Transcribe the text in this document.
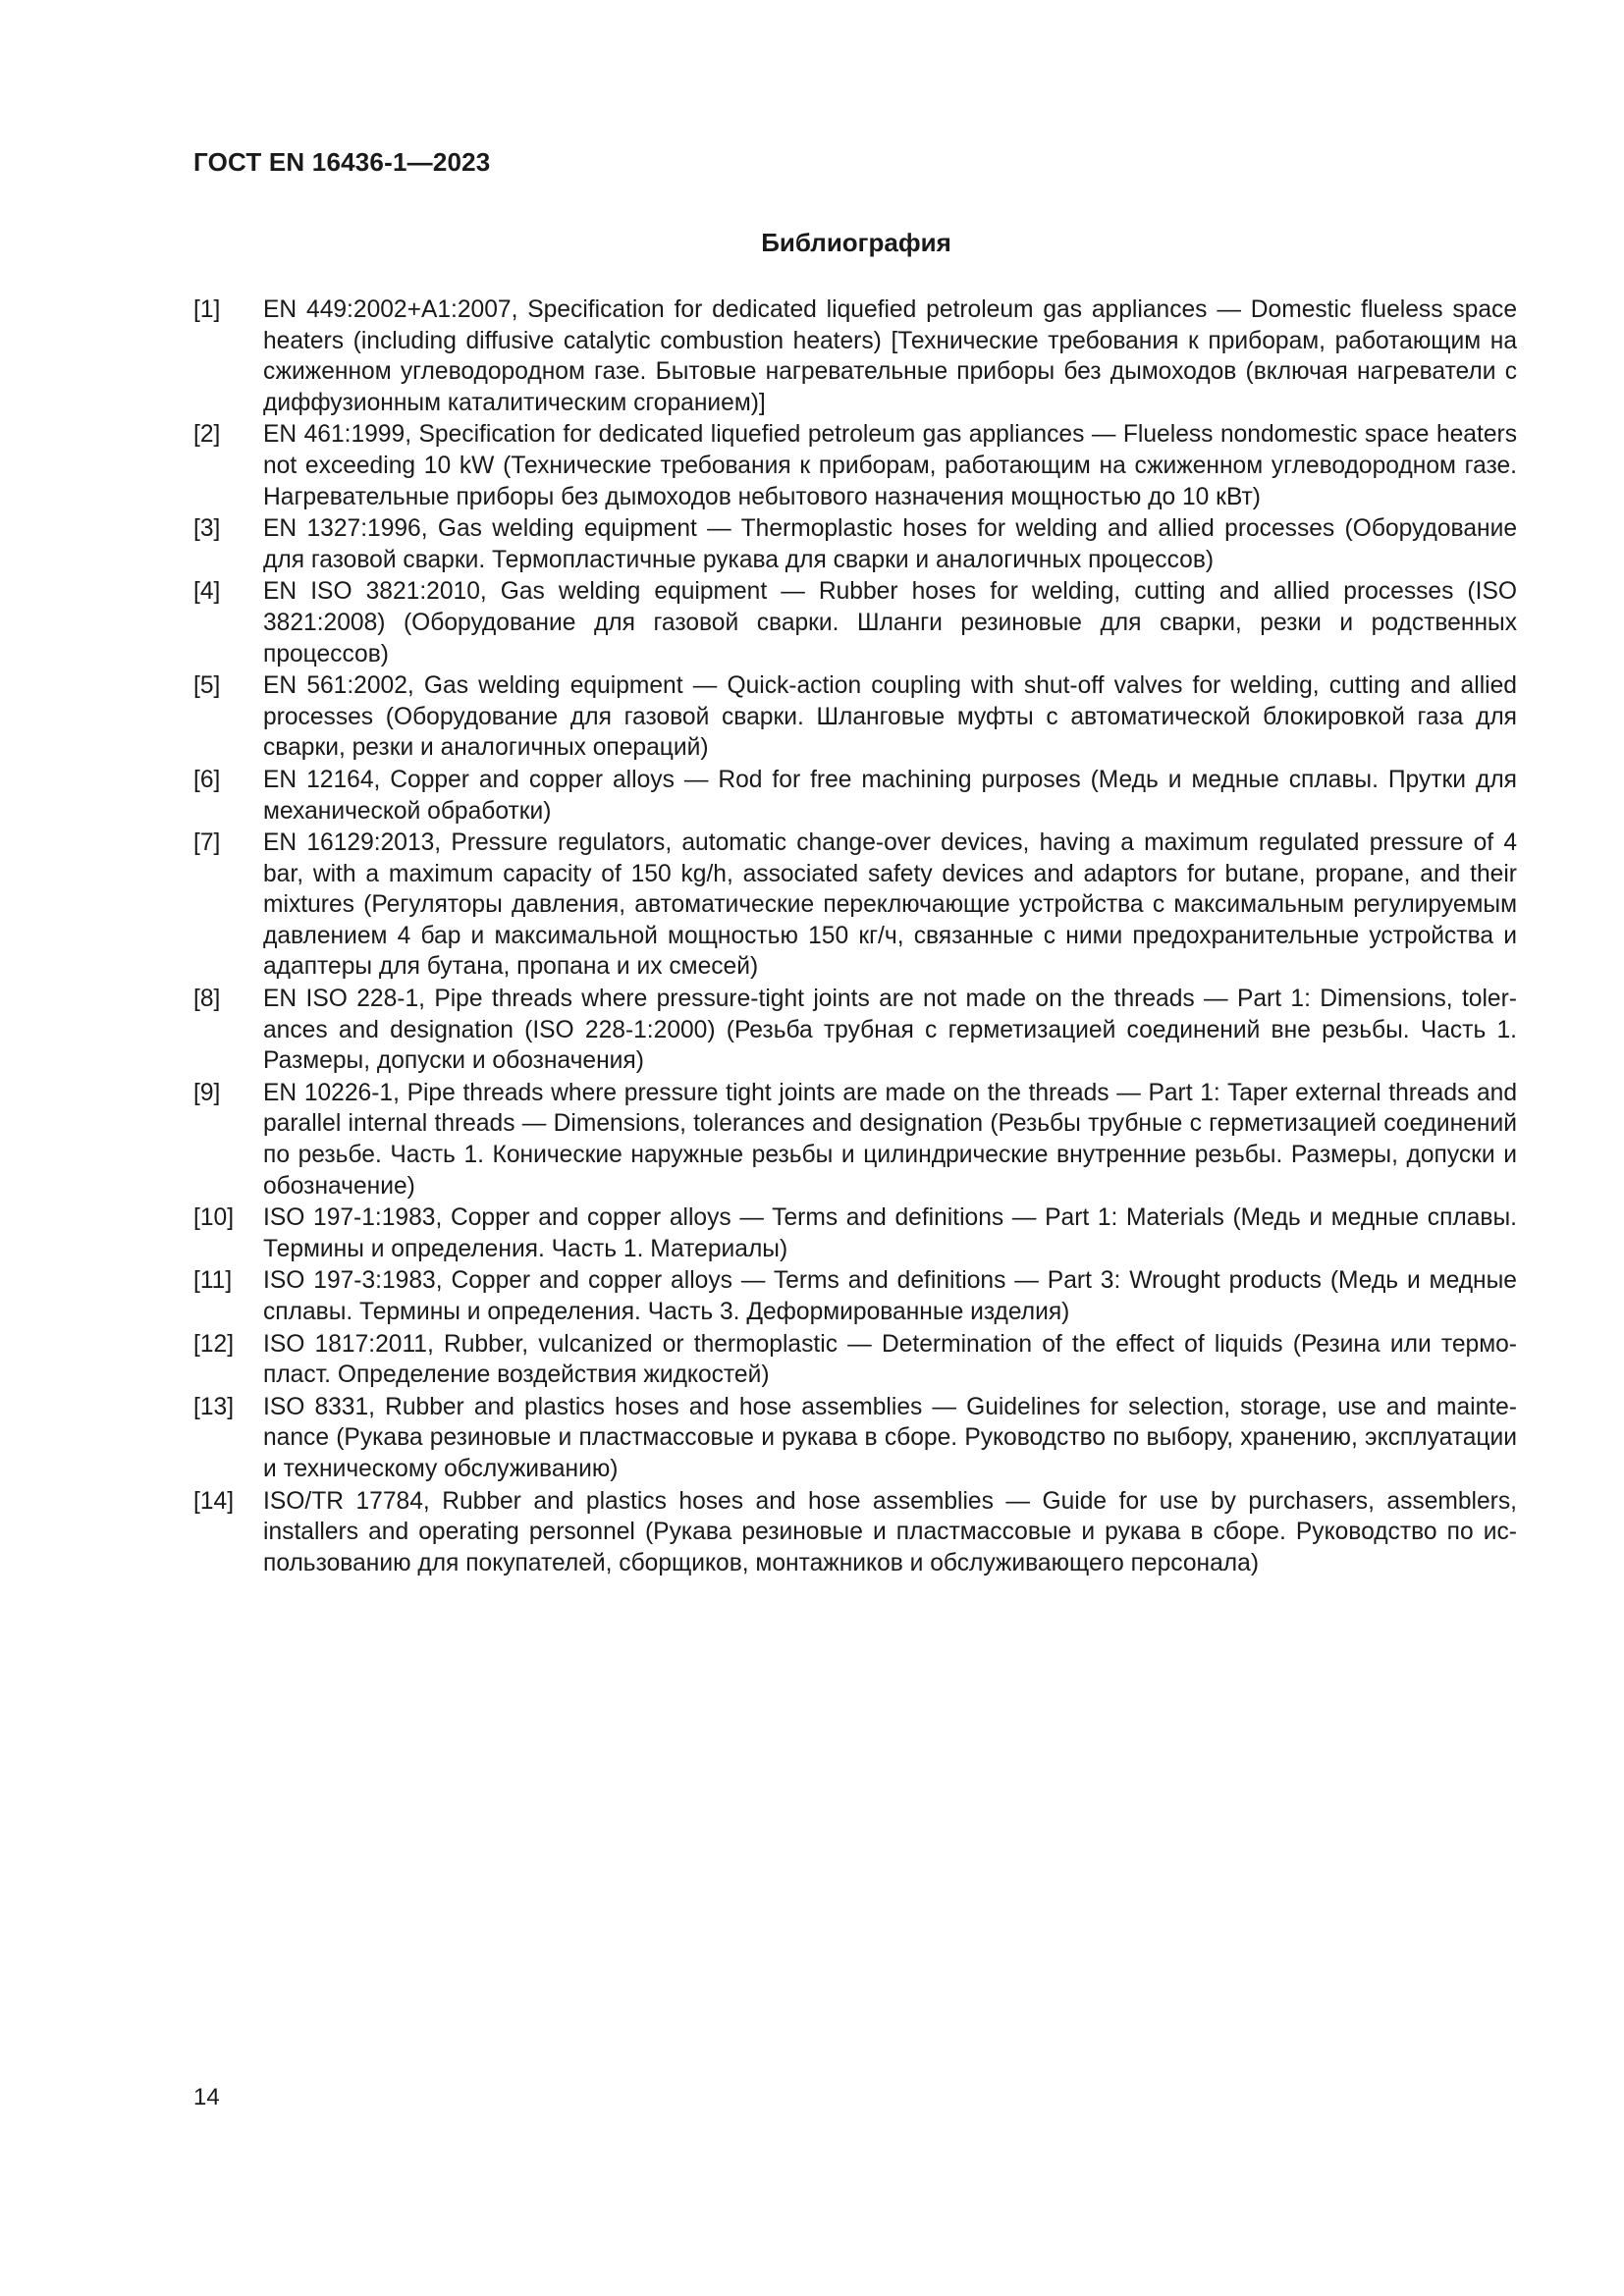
ГОСТ EN 16436-1—2023
Библиография
[1]	EN 449:2002+A1:2007, Specification for dedicated liquefied petroleum gas appliances — Domestic flueless space heaters (including diffusive catalytic combustion heaters) [Технические требования к приборам, работающим на сжиженном углеводородном газе. Бытовые нагревательные приборы без дымоходов (включая нагреватели с диффузионным каталитическим сгоранием)]
[2]	EN 461:1999, Specification for dedicated liquefied petroleum gas appliances — Flueless nondomestic space heaters not exceeding 10 kW (Технические требования к приборам, работающим на сжиженном углеводородном газе. Нагревательные приборы без дымоходов небытового назначения мощностью до 10 кВт)
[3]	EN 1327:1996, Gas welding equipment — Thermoplastic hoses for welding and allied processes (Оборудование для газовой сварки. Термопластичные рукава для сварки и аналогичных процессов)
[4]	EN ISO 3821:2010, Gas welding equipment — Rubber hoses for welding, cutting and allied processes (ISO 3821:2008) (Оборудование для газовой сварки. Шланги резиновые для сварки, резки и родственных процессов)
[5]	EN 561:2002, Gas welding equipment — Quick-action coupling with shut-off valves for welding, cutting and allied processes (Оборудование для газовой сварки. Шланговые муфты с автоматической блокировкой газа для сварки, резки и аналогичных операций)
[6]	EN 12164, Copper and copper alloys — Rod for free machining purposes (Медь и медные сплавы. Прутки для механической обработки)
[7]	EN 16129:2013, Pressure regulators, automatic change-over devices, having a maximum regulated pressure of 4 bar, with a maximum capacity of 150 kg/h, associated safety devices and adaptors for butane, propane, and their mixtures (Регуляторы давления, автоматические переключающие устройства с максимальным регулируемым давлением 4 бар и максимальной мощностью 150 кг/ч, связанные с ними предохранительные устройства и адаптеры для бутана, пропана и их смесей)
[8]	EN ISO 228-1, Pipe threads where pressure-tight joints are not made on the threads — Part 1: Dimensions, tolerances and designation (ISO 228-1:2000) (Резьба трубная с герметизацией соединений вне резьбы. Часть 1. Размеры, допуски и обозначения)
[9]	EN 10226-1, Pipe threads where pressure tight joints are made on the threads — Part 1: Taper external threads and parallel internal threads — Dimensions, tolerances and designation (Резьбы трубные с герметизацией соединений по резьбе. Часть 1. Конические наружные резьбы и цилиндрические внутренние резьбы. Размеры, допуски и обозначение)
[10]	ISO 197-1:1983, Copper and copper alloys — Terms and definitions — Part 1: Materials (Медь и медные сплавы. Термины и определения. Часть 1. Материалы)
[11]	ISO 197-3:1983, Copper and copper alloys — Terms and definitions — Part 3: Wrought products (Медь и медные сплавы. Термины и определения. Часть 3. Деформированные изделия)
[12]	ISO 1817:2011, Rubber, vulcanized or thermoplastic — Determination of the effect of liquids (Резина или термопласт. Определение воздействия жидкостей)
[13]	ISO 8331, Rubber and plastics hoses and hose assemblies — Guidelines for selection, storage, use and maintenance (Рукава резиновые и пластмассовые и рукава в сборе. Руководство по выбору, хранению, эксплуатации и техническому обслуживанию)
[14]	ISO/TR 17784, Rubber and plastics hoses and hose assemblies — Guide for use by purchasers, assemblers, installers and operating personnel (Рукава резиновые и пластмассовые и рукава в сборе. Руководство по использованию для покупателей, сборщиков, монтажников и обслуживающего персонала)
14
